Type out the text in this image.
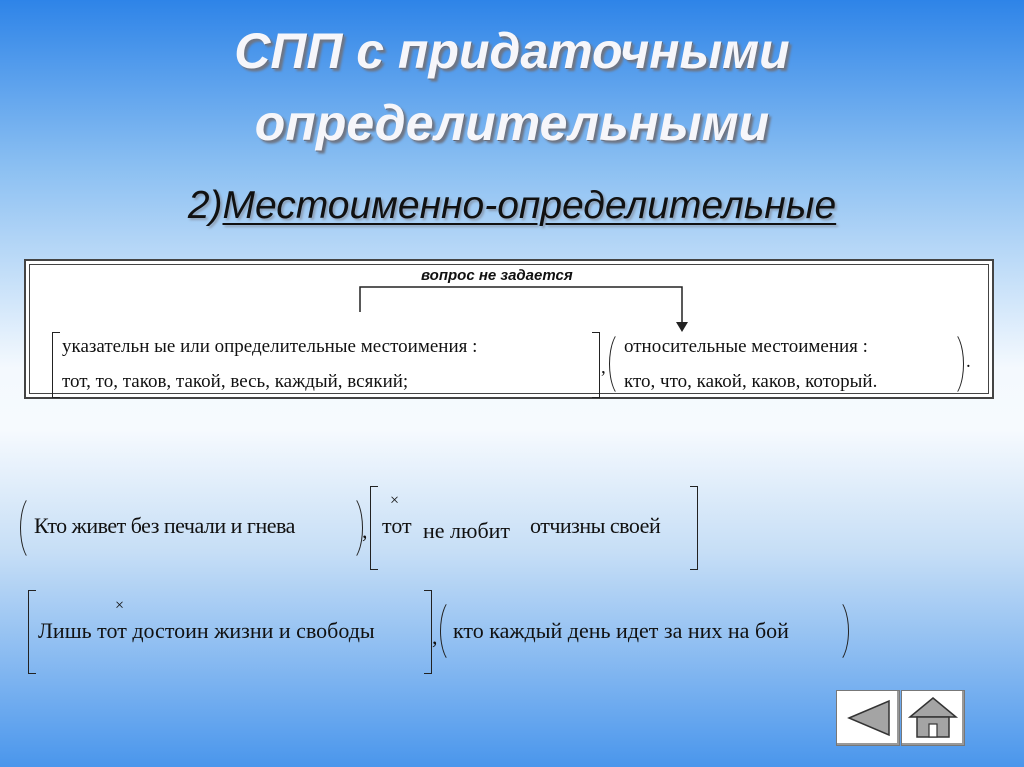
СПП с придаточными
определительными
2)Местоименно-определительные
вопрос не задается
указательн ые или определительные местоимения :
тот, то, таков, такой, весь, каждый, всякий;
,
относительные местоимения :
кто, что, какой, каков, который.
.
Кто живет без печали и гнева	,
×
тот не любит отчизны своей
×
Лишь тот достоин жизни и свободы	, кто каждый день идет за них на бой
